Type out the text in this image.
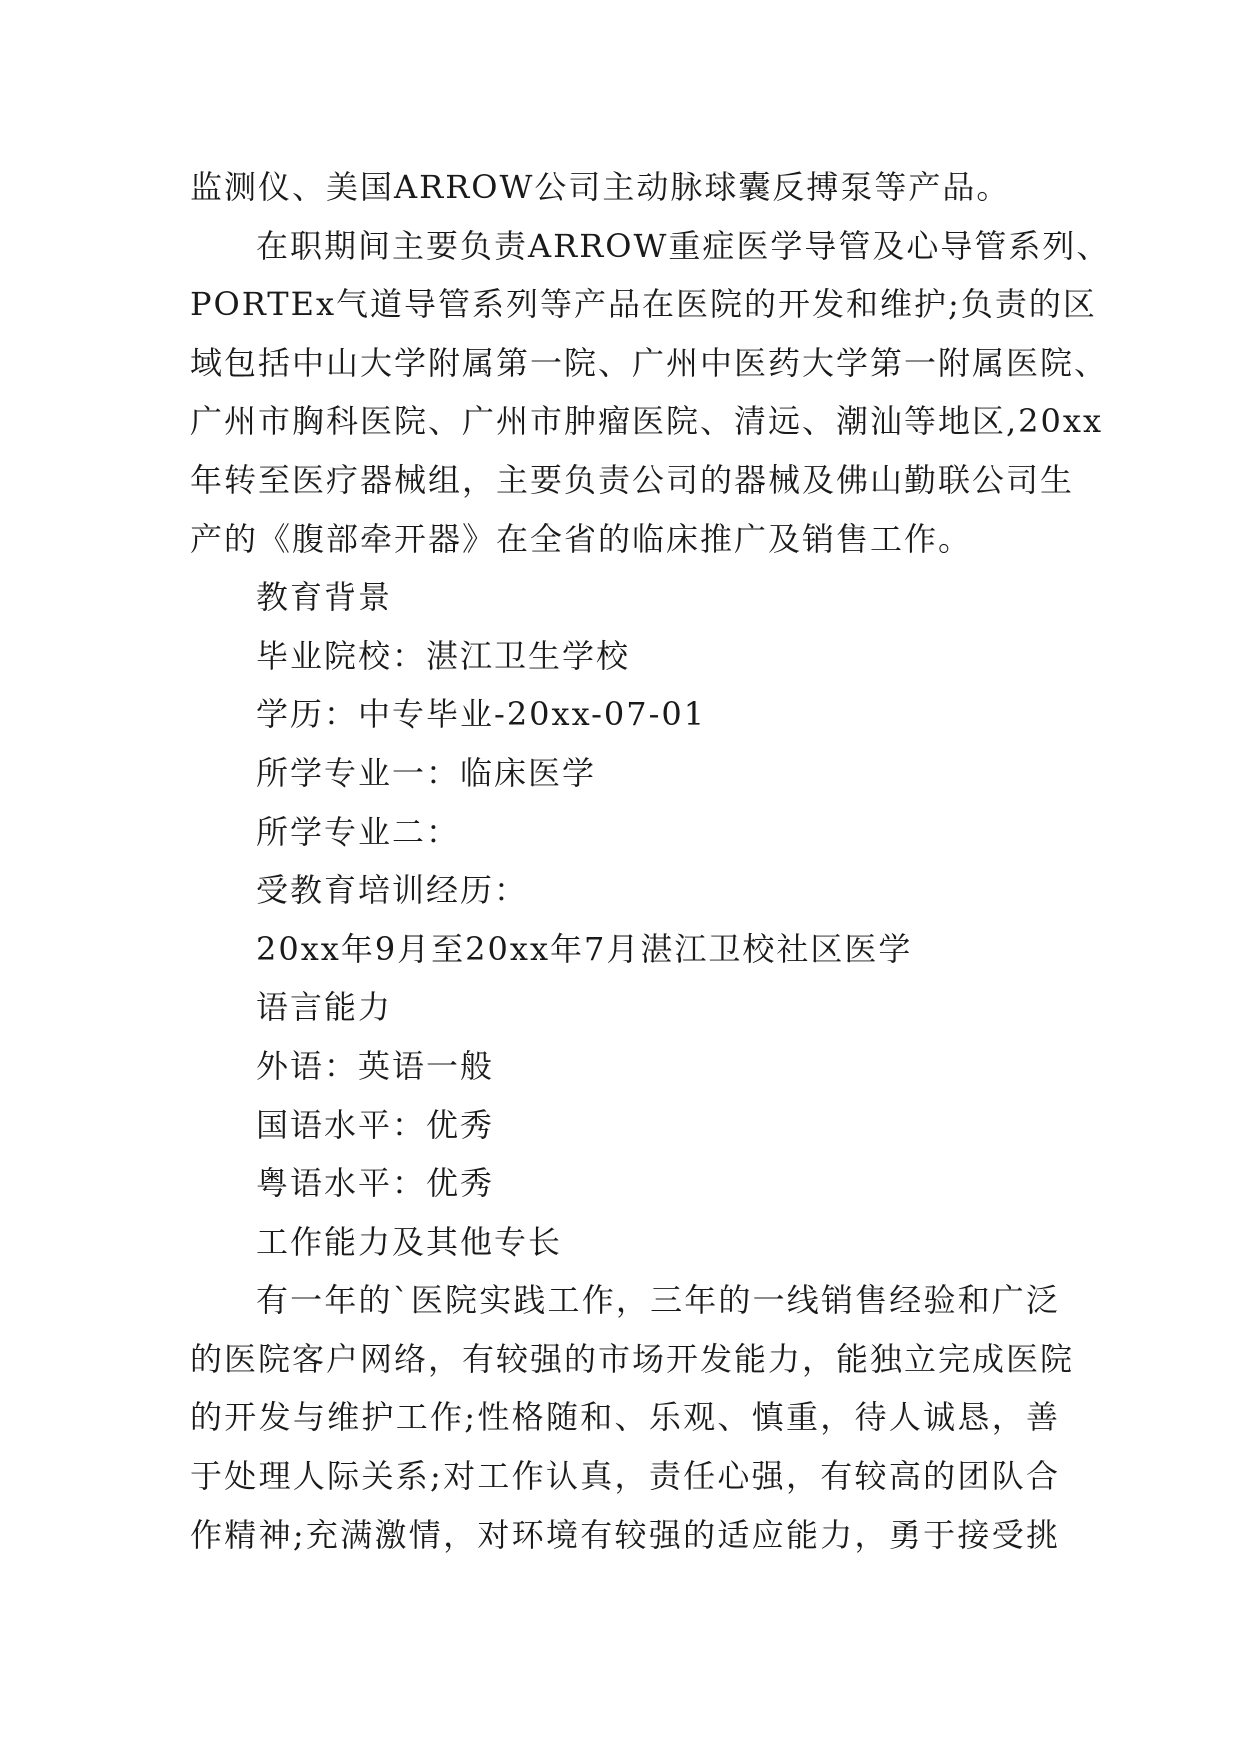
监测仪、美国ARROW公司主动脉球囊反搏泵等产品。
在职期间主要负责ARROW重症医学导管及心导管系列、
PORTEx气道导管系列等产品在医院的开发和维护;负责的区
域包括中山大学附属第一院、广州中医药大学第一附属医院、
广州市胸科医院、广州市肿瘤医院、清远、潮汕等地区,20xx
年转至医疗器械组，主要负责公司的器械及佛山勤联公司生
产的《腹部牵开器》在全省的临床推广及销售工作。
教育背景
毕业院校：湛江卫生学校
学历：中专毕业-20xx-07-01
所学专业一：临床医学
所学专业二：
受教育培训经历：
20xx年9月至20xx年7月湛江卫校社区医学
语言能力
外语：英语一般
国语水平：优秀
粤语水平：优秀
工作能力及其他专长
有一年的`医院实践工作，三年的一线销售经验和广泛
的医院客户网络，有较强的市场开发能力，能独立完成医院
的开发与维护工作;性格随和、乐观、慎重，待人诚恳，善
于处理人际关系;对工作认真，责任心强，有较高的团队合
作精神;充满激情，对环境有较强的适应能力，勇于接受挑
